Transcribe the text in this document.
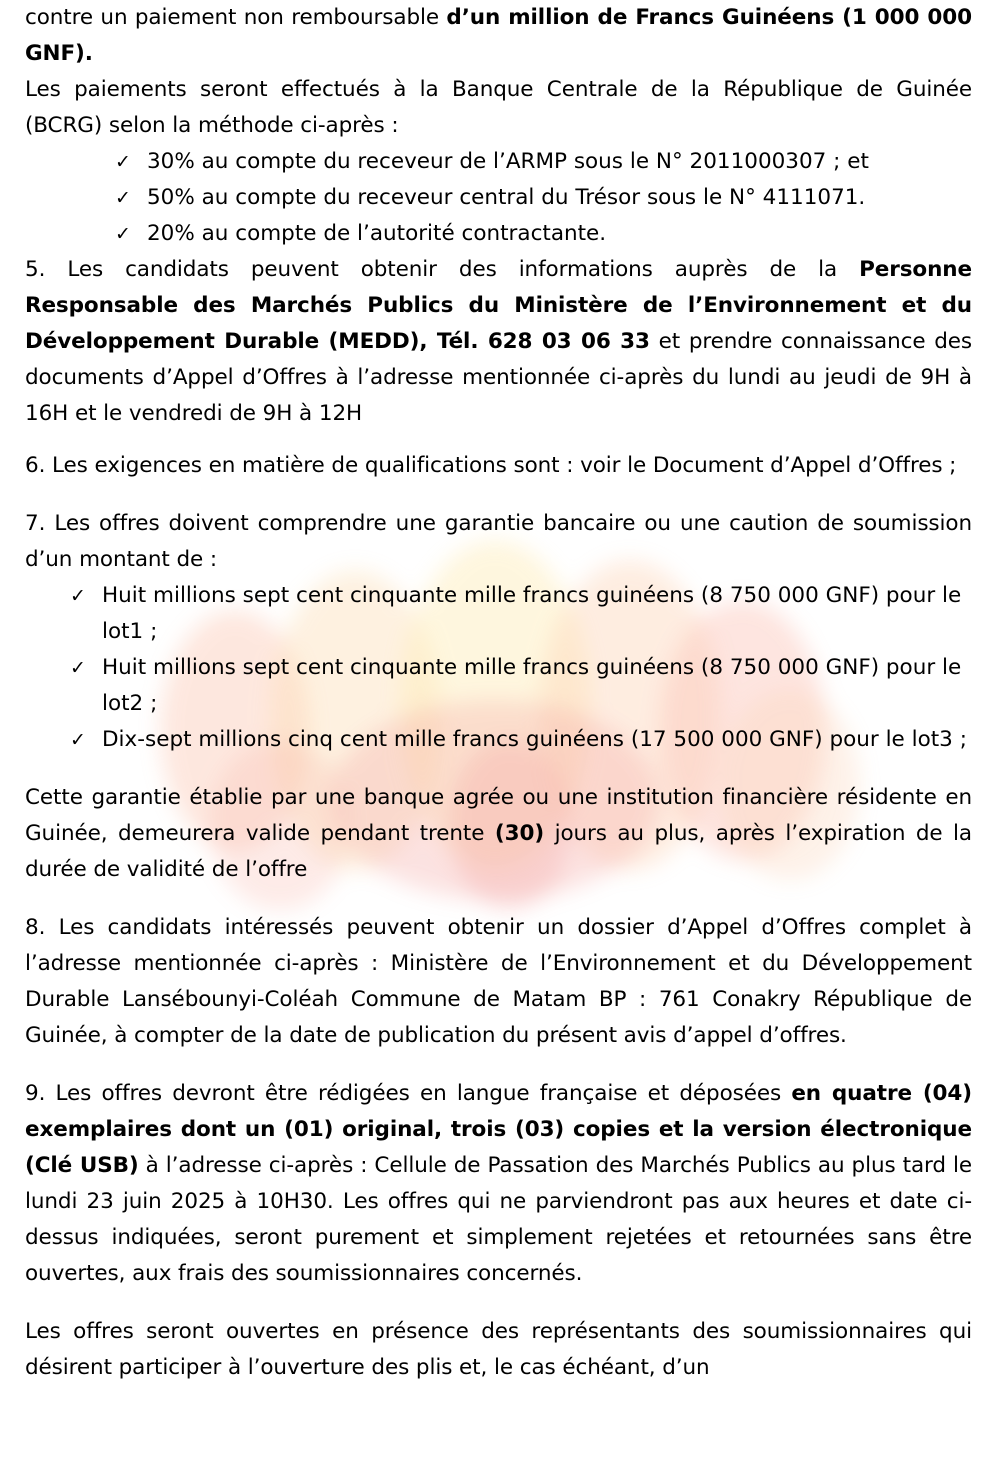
contre un paiement non remboursable d’un million de Francs Guinéens (1 000 000 GNF).

Les paiements seront effectués à la Banque Centrale de la République de Guinée (BCRG) selon la méthode ci-après :

✓ 30% au compte du receveur de l’ARMP sous le N° 2011000307 ; et
✓ 50% au compte du receveur central du Trésor sous le N° 4111071.
✓ 20% au compte de l’autorité contractante.

5. Les candidats peuvent obtenir des informations auprès de la Personne Responsable des Marchés Publics du Ministère de l’Environnement et du Développement Durable (MEDD), Tél. 628 03 06 33 et prendre connaissance des documents d’Appel d’Offres à l’adresse mentionnée ci-après du lundi au jeudi de 9H à 16H et le vendredi de 9H à 12H

6. Les exigences en matière de qualifications sont : voir le Document d’Appel d’Offres ;

7. Les offres doivent comprendre une garantie bancaire ou une caution de soumission d’un montant de :

✓ Huit millions sept cent cinquante mille francs guinéens (8 750 000 GNF) pour le lot1 ;
✓ Huit millions sept cent cinquante mille francs guinéens (8 750 000 GNF) pour le lot2 ;
✓ Dix-sept millions cinq cent mille francs guinéens (17 500 000 GNF) pour le lot3 ;

Cette garantie établie par une banque agrée ou une institution financière résidente en Guinée, demeurera valide pendant trente (30) jours au plus, après l’expiration de la durée de validité de l’offre

8. Les candidats intéressés peuvent obtenir un dossier d’Appel d’Offres complet à l’adresse mentionnée ci-après : Ministère de l’Environnement et du Développement Durable Lansébounyi-Coléah Commune de Matam BP : 761 Conakry République de Guinée, à compter de la date de publication du présent avis d’appel d’offres.

9. Les offres devront être rédigées en langue française et déposées en quatre (04) exemplaires dont un (01) original, trois (03) copies et la version électronique (Clé USB) à l’adresse ci-après : Cellule de Passation des Marchés Publics au plus tard le lundi 23 juin 2025 à 10H30. Les offres qui ne parviendront pas aux heures et date ci-dessus indiquées, seront purement et simplement rejetées et retournées sans être ouvertes, aux frais des soumissionnaires concernés.

Les offres seront ouvertes en présence des représentants des soumissionnaires qui désirent participer à l’ouverture des plis et, le cas échéant, d’un
